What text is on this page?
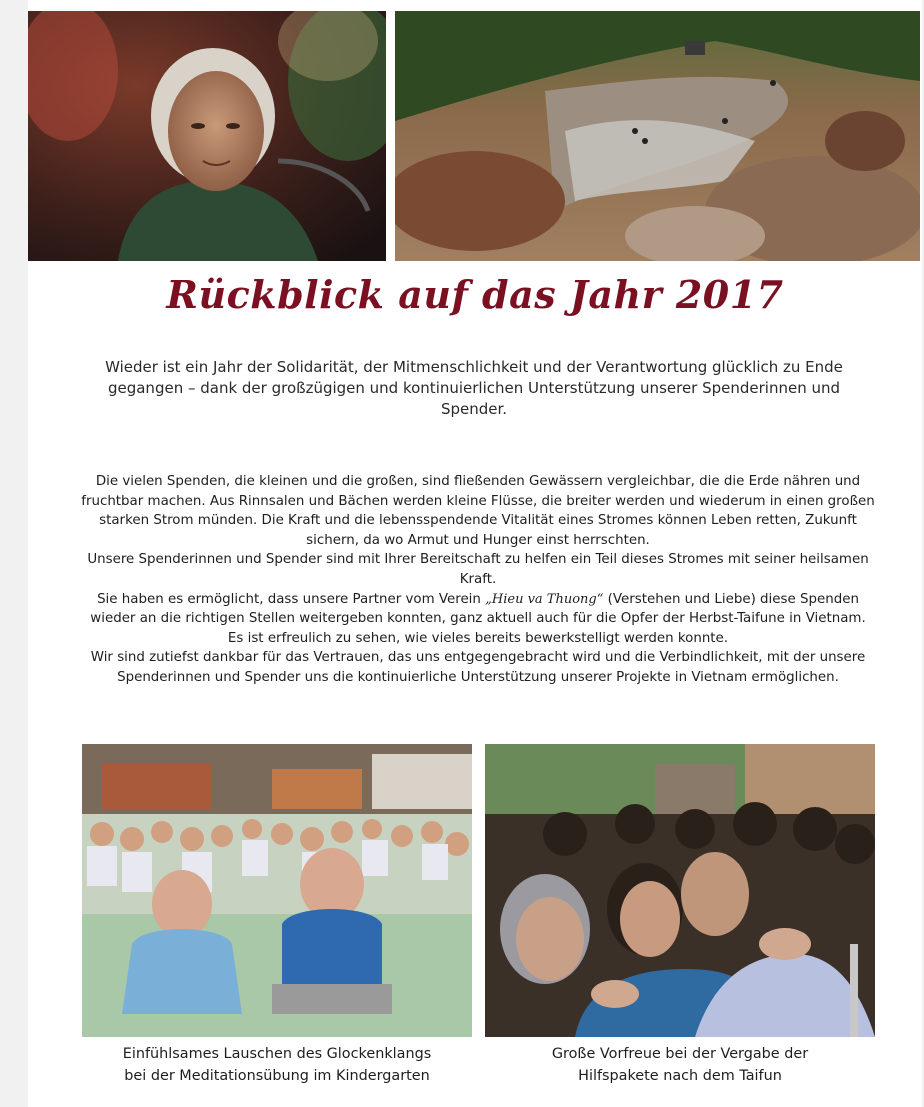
Rückblick auf das Jahr 2017

Wieder ist ein Jahr der Solidarität, der Mitmenschlichkeit und der Verantwortung glücklich zu Ende gegangen – dank der großzügigen und kontinuierlichen Unterstützung unserer Spenderinnen und Spender.

Die vielen Spenden, die kleinen und die großen, sind fließenden Gewässern vergleichbar, die die Erde nähren und fruchtbar machen. Aus Rinnsalen und Bächen werden kleine Flüsse, die breiter werden und wiederum in einen großen starken Strom münden. Die Kraft und die lebensspendende Vitalität eines Stromes können Leben retten, Zukunft sichern, da wo Armut und Hunger einst herrschten.

Unsere Spenderinnen und Spender sind mit Ihrer Bereitschaft zu helfen ein Teil dieses Stromes mit seiner heilsamen Kraft.

Sie haben es ermöglicht, dass unsere Partner vom Verein „Hieu va Thuong“ (Verstehen und Liebe) diese Spenden wieder an die richtigen Stellen weitergeben konnten, ganz aktuell auch für die Opfer der Herbst-Taifune in Vietnam.

Es ist erfreulich zu sehen, wie vieles bereits bewerkstelligt werden konnte.

Wir sind zutiefst dankbar für das Vertrauen, das uns entgegengebracht wird und die Verbindlichkeit, mit der unsere Spenderinnen und Spender uns die kontinuierliche Unterstützung unserer Projekte in Vietnam ermöglichen.

Einfühlsames Lauschen des Glockenklangs
bei der Meditationsübung im Kindergarten
Große Vorfreue bei der Vergabe der
Hilfspakete nach dem Taifun
